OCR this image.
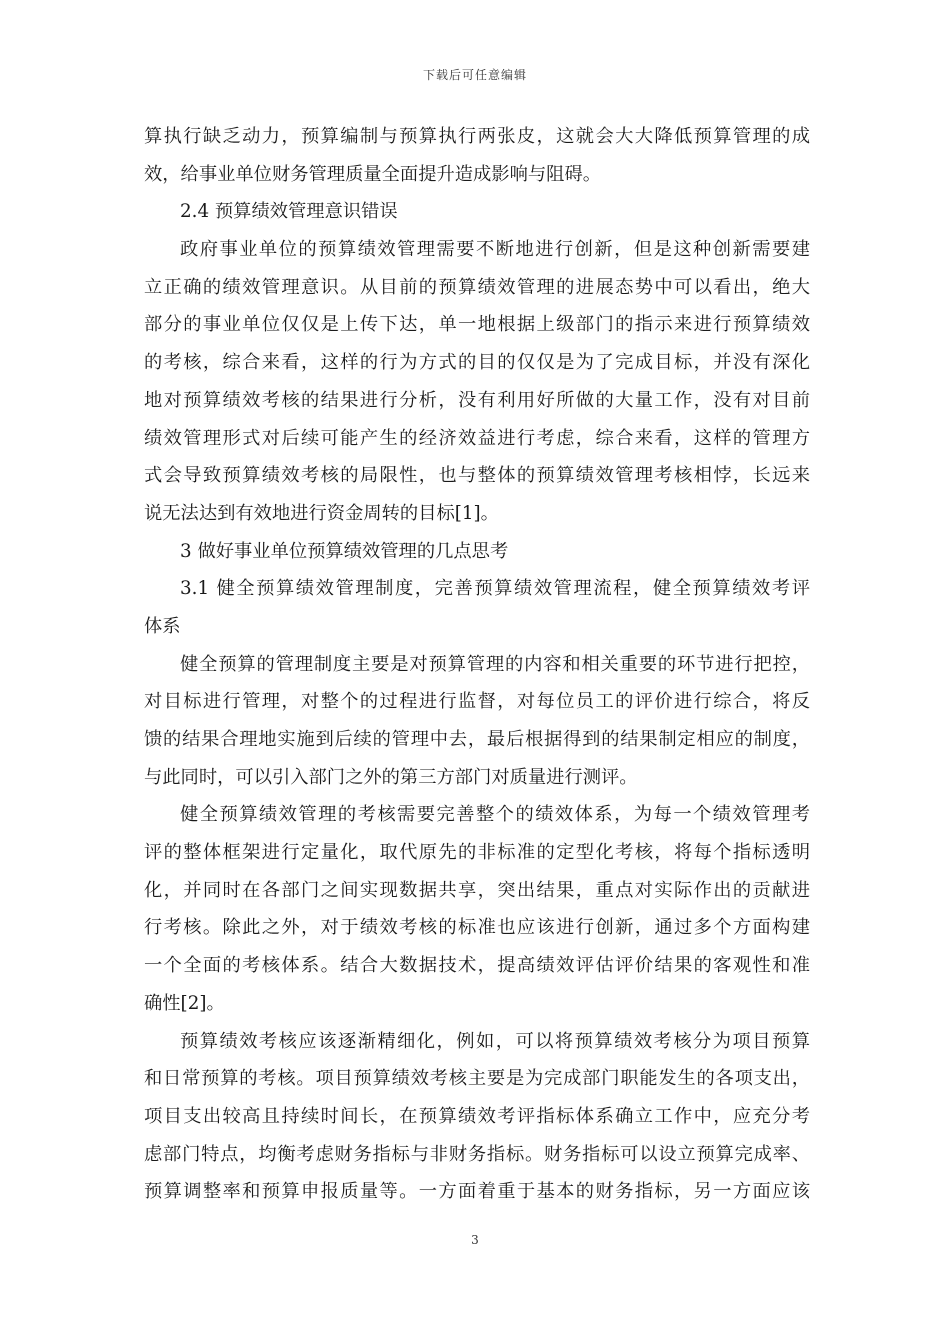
下载后可任意编辑
算执行缺乏动力，预算编制与预算执行两张皮，这就会大大降低预算管理的成
效，给事业单位财务管理质量全面提升造成影响与阻碍。
2.4 预算绩效管理意识错误
政府事业单位的预算绩效管理需要不断地进行创新，但是这种创新需要建
立正确的绩效管理意识。从目前的预算绩效管理的进展态势中可以看出，绝大
部分的事业单位仅仅是上传下达，单一地根据上级部门的指示来进行预算绩效
的考核，综合来看，这样的行为方式的目的仅仅是为了完成目标，并没有深化
地对预算绩效考核的结果进行分析，没有利用好所做的大量工作，没有对目前
绩效管理形式对后续可能产生的经济效益进行考虑，综合来看，这样的管理方
式会导致预算绩效考核的局限性，也与整体的预算绩效管理考核相悖，长远来
说无法达到有效地进行资金周转的目标[1]。
3 做好事业单位预算绩效管理的几点思考
3.1 健全预算绩效管理制度，完善预算绩效管理流程，健全预算绩效考评
体系
健全预算的管理制度主要是对预算管理的内容和相关重要的环节进行把控，
对目标进行管理，对整个的过程进行监督，对每位员工的评价进行综合，将反
馈的结果合理地实施到后续的管理中去，最后根据得到的结果制定相应的制度，
与此同时，可以引入部门之外的第三方部门对质量进行测评。
健全预算绩效管理的考核需要完善整个的绩效体系，为每一个绩效管理考
评的整体框架进行定量化，取代原先的非标准的定型化考核，将每个指标透明
化，并同时在各部门之间实现数据共享，突出结果，重点对实际作出的贡献进
行考核。除此之外，对于绩效考核的标准也应该进行创新，通过多个方面构建
一个全面的考核体系。结合大数据技术，提高绩效评估评价结果的客观性和准
确性[2]。
预算绩效考核应该逐渐精细化，例如，可以将预算绩效考核分为项目预算
和日常预算的考核。项目预算绩效考核主要是为完成部门职能发生的各项支出，
项目支出较高且持续时间长，在预算绩效考评指标体系确立工作中，应充分考
虑部门特点，均衡考虑财务指标与非财务指标。财务指标可以设立预算完成率、
预算调整率和预算申报质量等。一方面着重于基本的财务指标，另一方面应该
3
